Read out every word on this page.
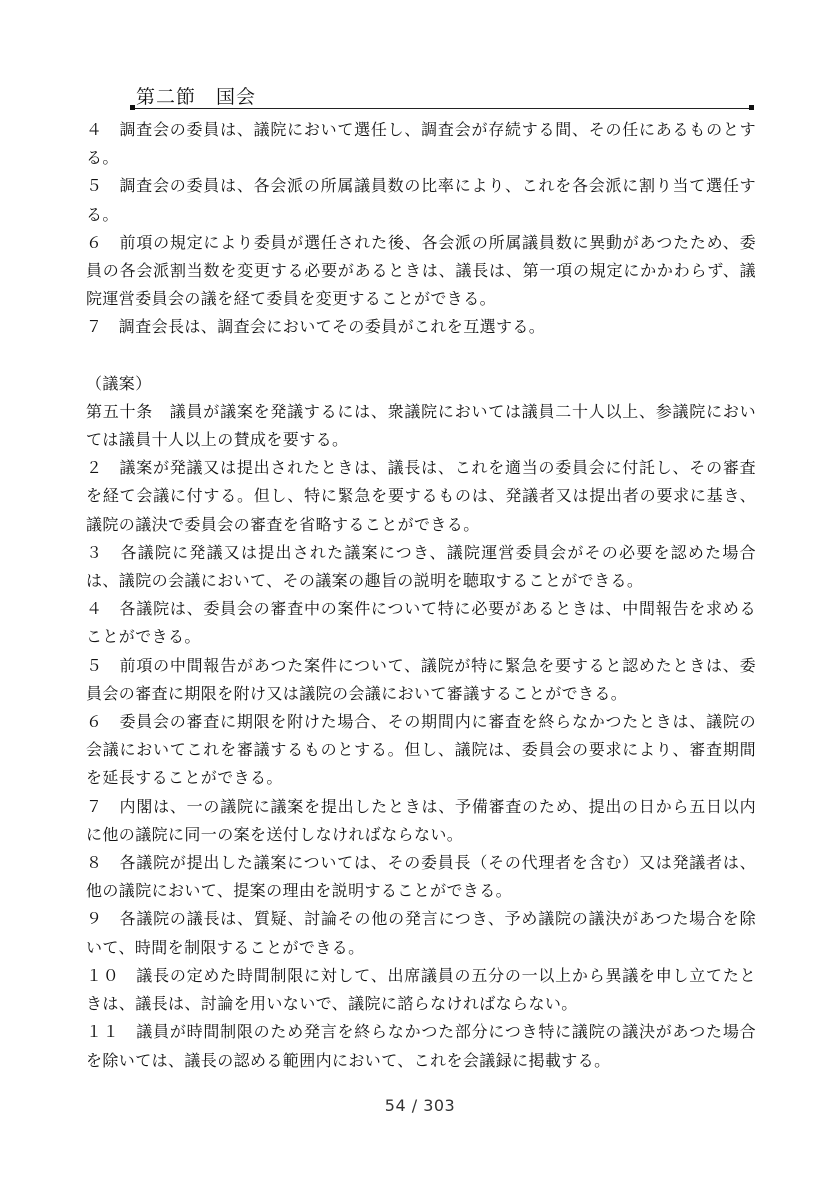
第二節　国会

４　調査会の委員は、議院において選任し、調査会が存続する間、その任にあるものとする。

５　調査会の委員は、各会派の所属議員数の比率により、これを各会派に割り当て選任する。

６　前項の規定により委員が選任された後、各会派の所属議員数に異動があつたため、委員の各会派割当数を変更する必要があるときは、議長は、第一項の規定にかかわらず、議院運営委員会の議を経て委員を変更することができる。

７　調査会長は、調査会においてその委員がこれを互選する。

（議案）

第五十条　議員が議案を発議するには、衆議院においては議員二十人以上、参議院においては議員十人以上の賛成を要する。

２　議案が発議又は提出されたときは、議長は、これを適当の委員会に付託し、その審査を経て会議に付する。但し、特に緊急を要するものは、発議者又は提出者の要求に基き、議院の議決で委員会の審査を省略することができる。

３　各議院に発議又は提出された議案につき、議院運営委員会がその必要を認めた場合は、議院の会議において、その議案の趣旨の説明を聴取することができる。

４　各議院は、委員会の審査中の案件について特に必要があるときは、中間報告を求めることができる。

５　前項の中間報告があつた案件について、議院が特に緊急を要すると認めたときは、委員会の審査に期限を附け又は議院の会議において審議することができる。

６　委員会の審査に期限を附けた場合、その期間内に審査を終らなかつたときは、議院の会議においてこれを審議するものとする。但し、議院は、委員会の要求により、審査期間を延長することができる。

７　内閣は、一の議院に議案を提出したときは、予備審査のため、提出の日から五日以内に他の議院に同一の案を送付しなければならない。

８　各議院が提出した議案については、その委員長（その代理者を含む）又は発議者は、他の議院において、提案の理由を説明することができる。

９　各議院の議長は、質疑、討論その他の発言につき、予め議院の議決があつた場合を除いて、時間を制限することができる。

１０　議長の定めた時間制限に対して、出席議員の五分の一以上から異議を申し立てたときは、議長は、討論を用いないで、議院に諮らなければならない。

１１　議員が時間制限のため発言を終らなかつた部分につき特に議院の議決があつた場合を除いては、議長の認める範囲内において、これを会議録に掲載する。

54 / 303
